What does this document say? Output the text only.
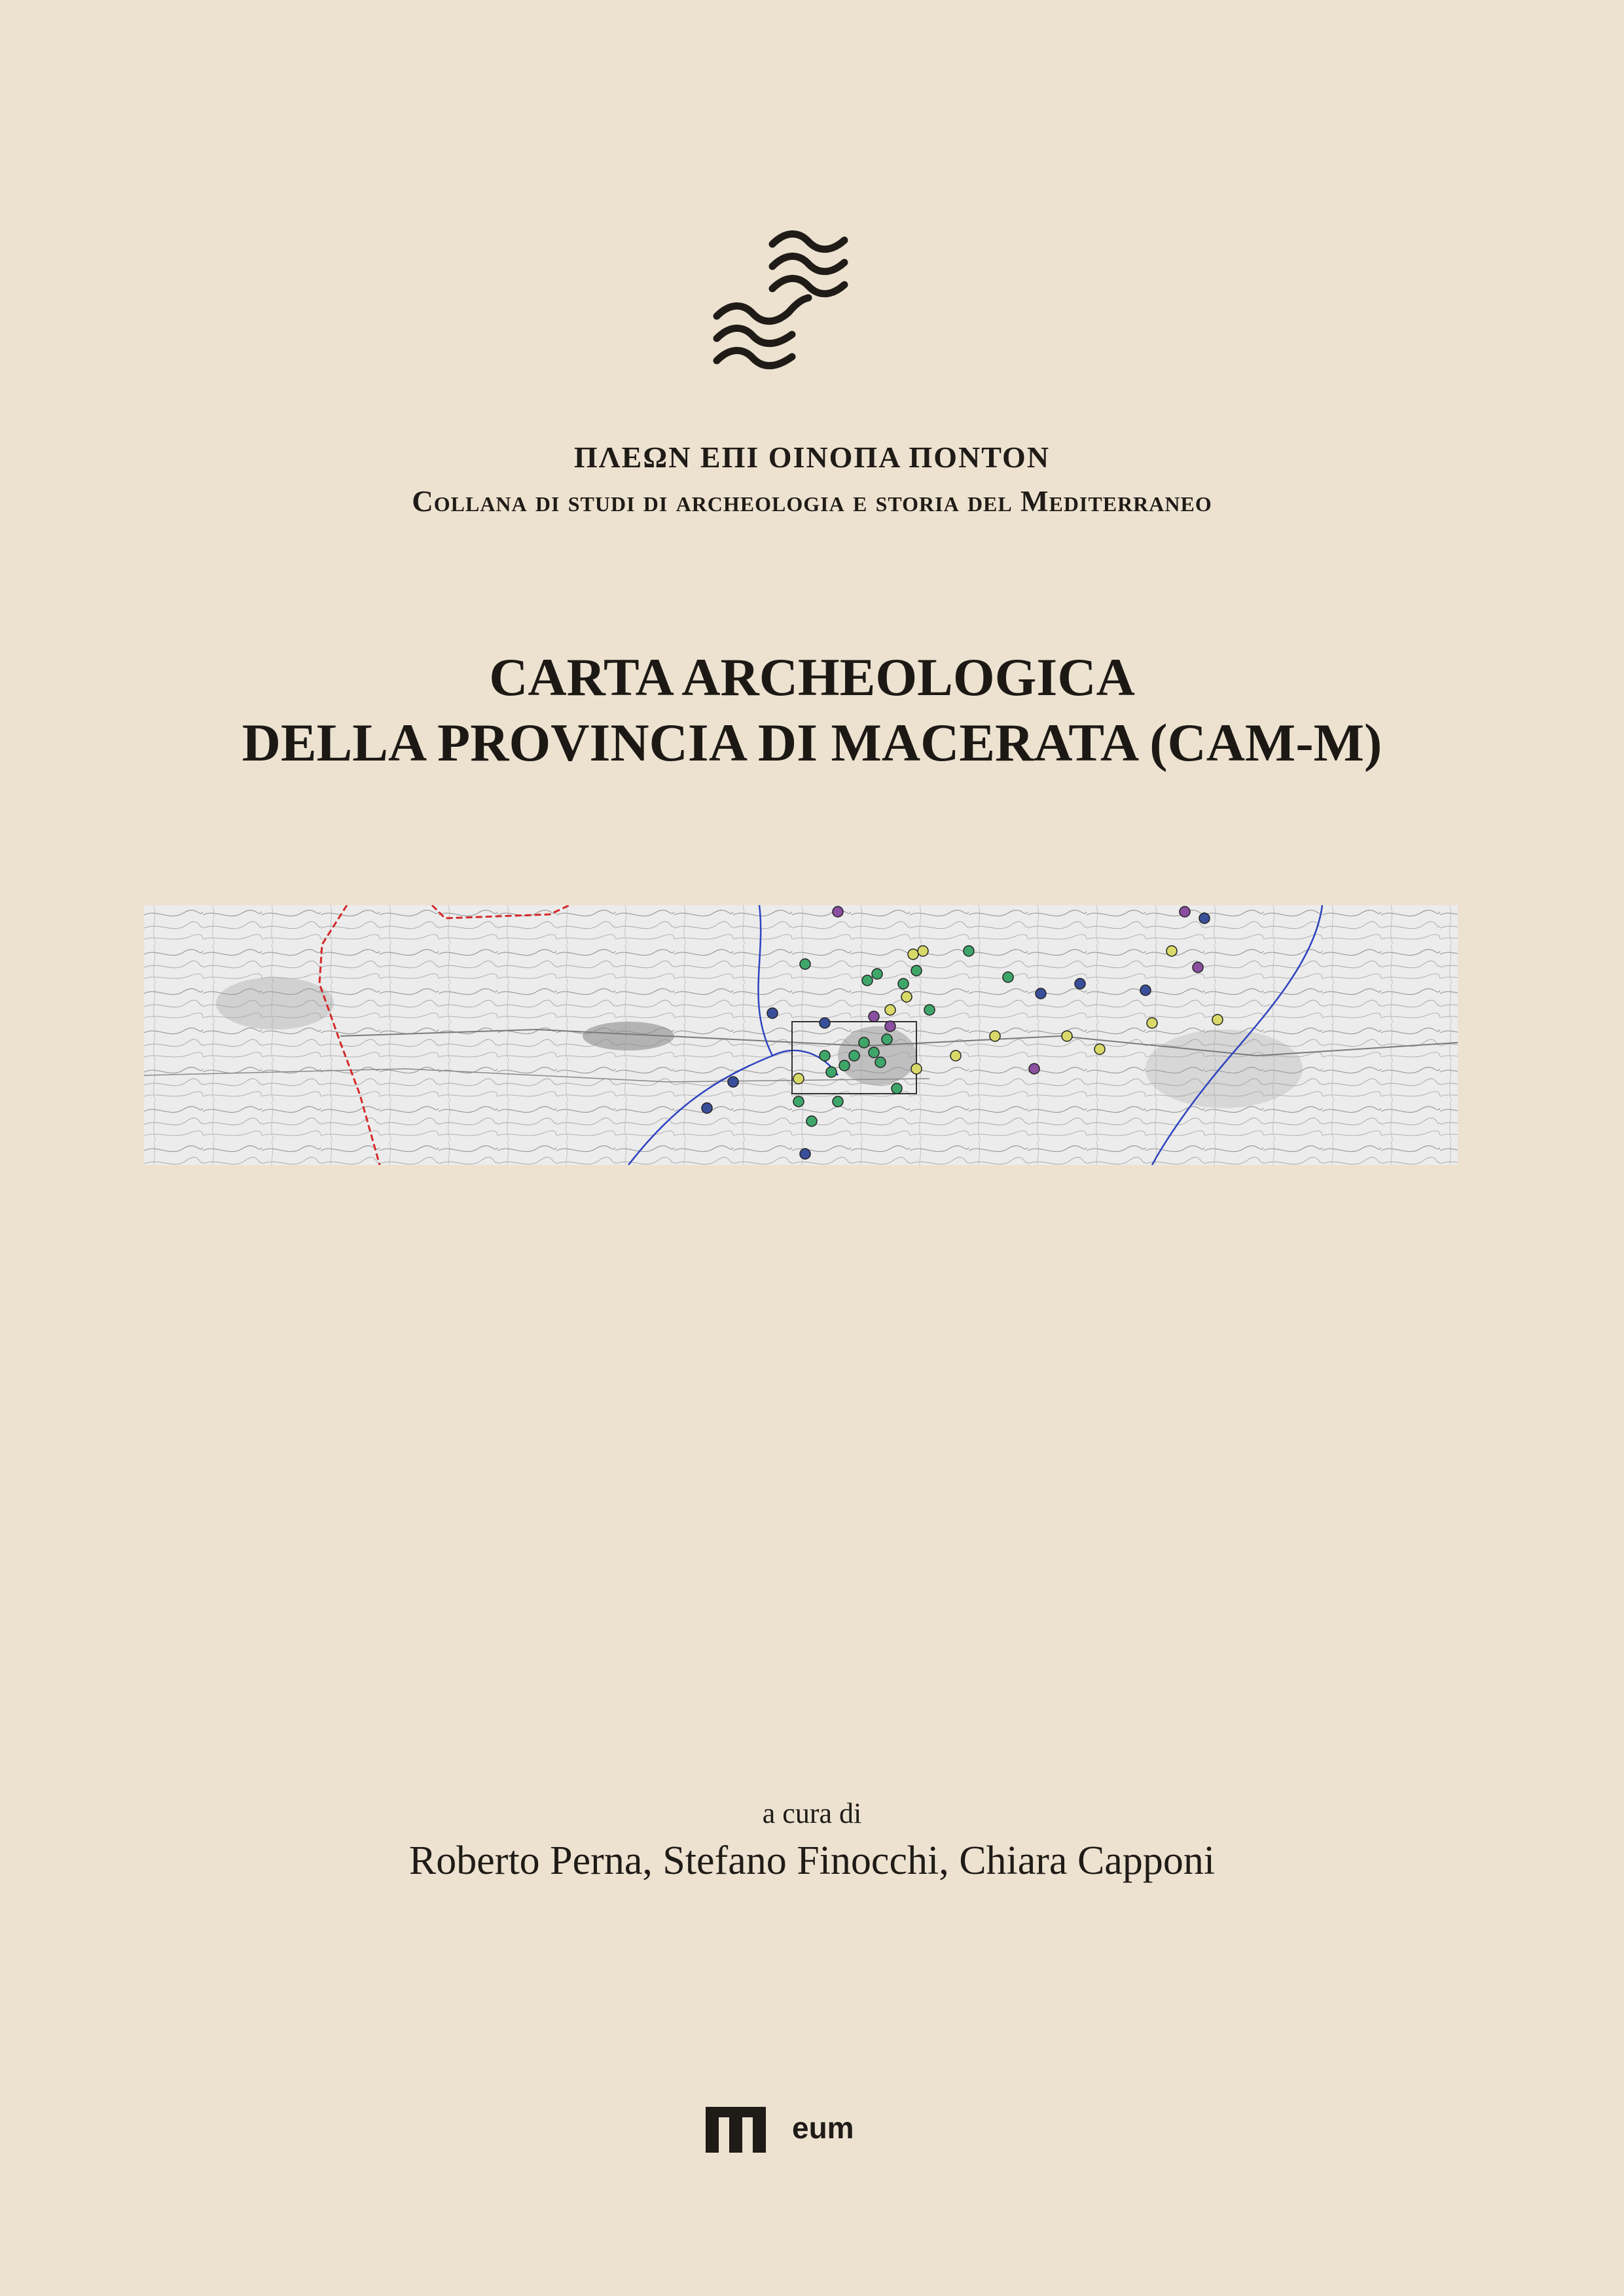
ΠΛΕΩΝ ΕΠΙ ΟΙΝΟΠΑ ΠΟΝΤΟΝ
Collana di studi di archeologia e storia del Mediterraneo
CARTA ARCHEOLOGICA
DELLA PROVINCIA DI MACERATA (CAM-M)
a cura di
Roberto Perna, Stefano Finocchi, Chiara Capponi
eum
